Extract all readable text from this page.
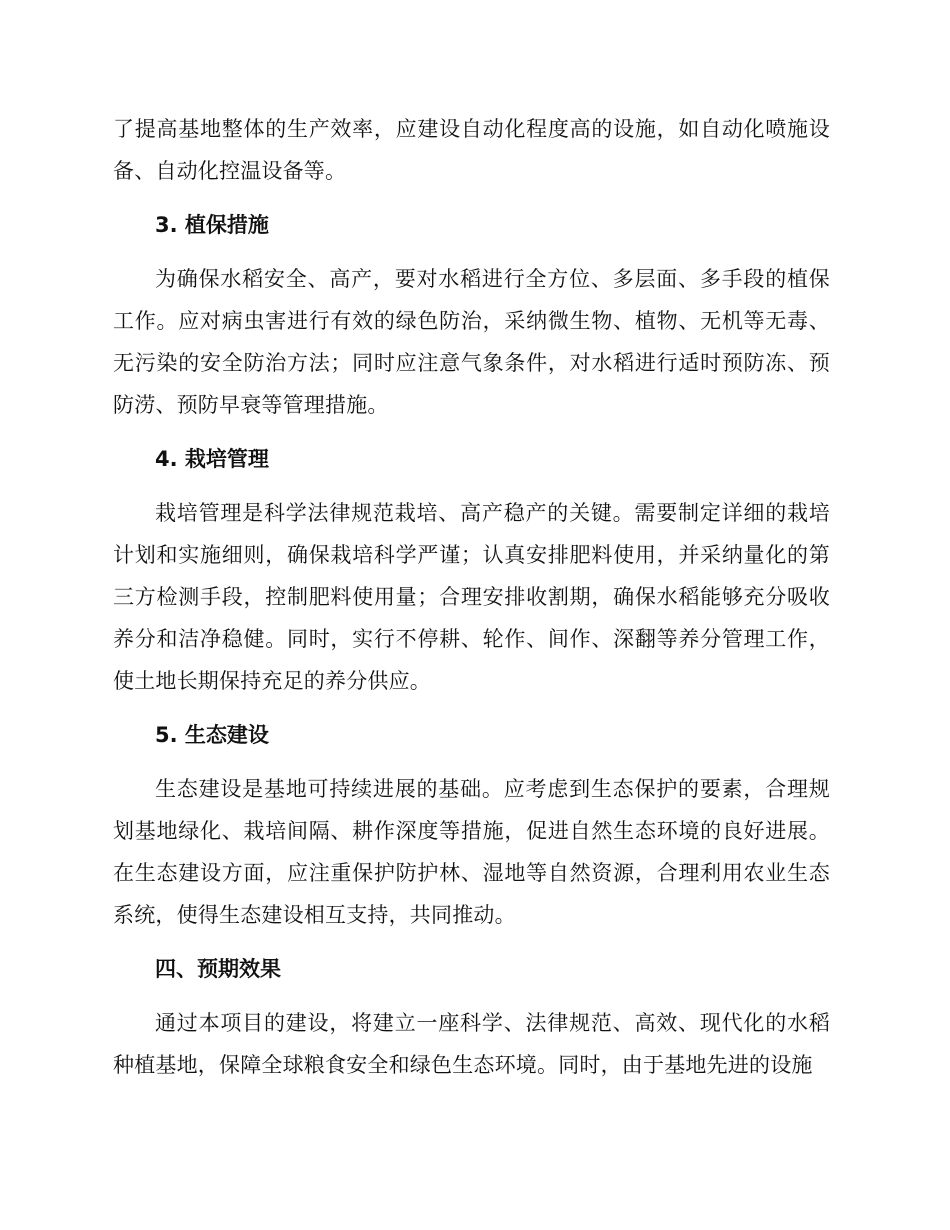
了提高基地整体的生产效率，应建设自动化程度高的设施，如自动化喷施设备、自动化控温设备等。

3. 植保措施

为确保水稻安全、高产，要对水稻进行全方位、多层面、多手段的植保工作。应对病虫害进行有效的绿色防治，采纳微生物、植物、无机等无毒、无污染的安全防治方法；同时应注意气象条件，对水稻进行适时预防冻、预防涝、预防早衰等管理措施。

4. 栽培管理

栽培管理是科学法律规范栽培、高产稳产的关键。需要制定详细的栽培计划和实施细则，确保栽培科学严谨；认真安排肥料使用，并采纳量化的第三方检测手段，控制肥料使用量；合理安排收割期，确保水稻能够充分吸收养分和洁净稳健。同时，实行不停耕、轮作、间作、深翻等养分管理工作，使土地长期保持充足的养分供应。

5. 生态建设

生态建设是基地可持续进展的基础。应考虑到生态保护的要素，合理规划基地绿化、栽培间隔、耕作深度等措施，促进自然生态环境的良好进展。在生态建设方面，应注重保护防护林、湿地等自然资源，合理利用农业生态系统，使得生态建设相互支持，共同推动。

四、预期效果

通过本项目的建设，将建立一座科学、法律规范、高效、现代化的水稻种植基地，保障全球粮食安全和绿色生态环境。同时，由于基地先进的设施
